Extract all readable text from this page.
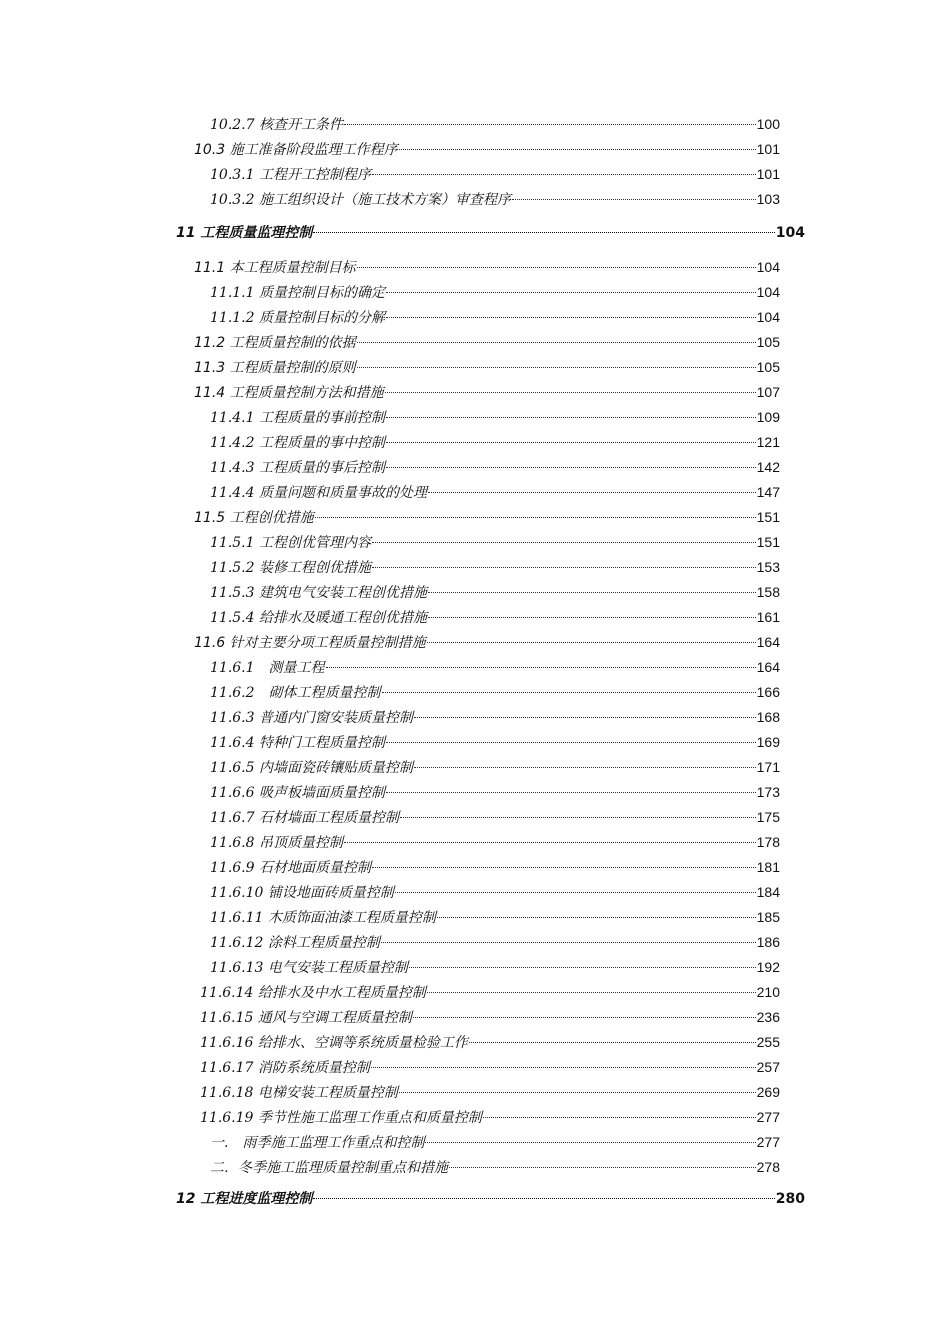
10.2.7 核查开工条件	100
10.3 施工准备阶段监理工作程序	101
10.3.1 工程开工控制程序	101
10.3.2 施工组织设计（施工技术方案）审查程序	103
11 工程质量监理控制	104
11.1 本工程质量控制目标	104
11.1.1 质量控制目标的确定	104
11.1.2 质量控制目标的分解	104
11.2 工程质量控制的依据	105
11.3 工程质量控制的原则	105
11.4 工程质量控制方法和措施	107
11.4.1 工程质量的事前控制	109
11.4.2 工程质量的事中控制	121
11.4.3 工程质量的事后控制	142
11.4.4 质量问题和质量事故的处理	147
11.5 工程创优措施	151
11.5.1 工程创优管理内容	151
11.5.2 装修工程创优措施	153
11.5.3 建筑电气安装工程创优措施	158
11.5.4 给排水及暖通工程创优措施	161
11.6 针对主要分项工程质量控制措施	164
11.6.1　测量工程	164
11.6.2　砌体工程质量控制	166
11.6.3 普通内门窗安装质量控制	168
11.6.4 特种门工程质量控制	169
11.6.5 内墙面瓷砖镶贴质量控制	171
11.6.6 吸声板墙面质量控制	173
11.6.7 石材墙面工程质量控制	175
11.6.8 吊顶质量控制	178
11.6.9 石材地面质量控制	181
11.6.10 铺设地面砖质量控制	184
11.6.11 木质饰面油漆工程质量控制	185
11.6.12 涂料工程质量控制	186
11.6.13 电气安装工程质量控制	192
11.6.14 给排水及中水工程质量控制	210
11.6.15 通风与空调工程质量控制	236
11.6.16 给排水、空调等系统质量检验工作	255
11.6.17 消防系统质量控制	257
11.6.18 电梯安装工程质量控制	269
11.6.19 季节性施工监理工作重点和质量控制	277
一.　雨季施工监理工作重点和控制	277
二．冬季施工监理质量控制重点和措施	278
12 工程进度监理控制	280
